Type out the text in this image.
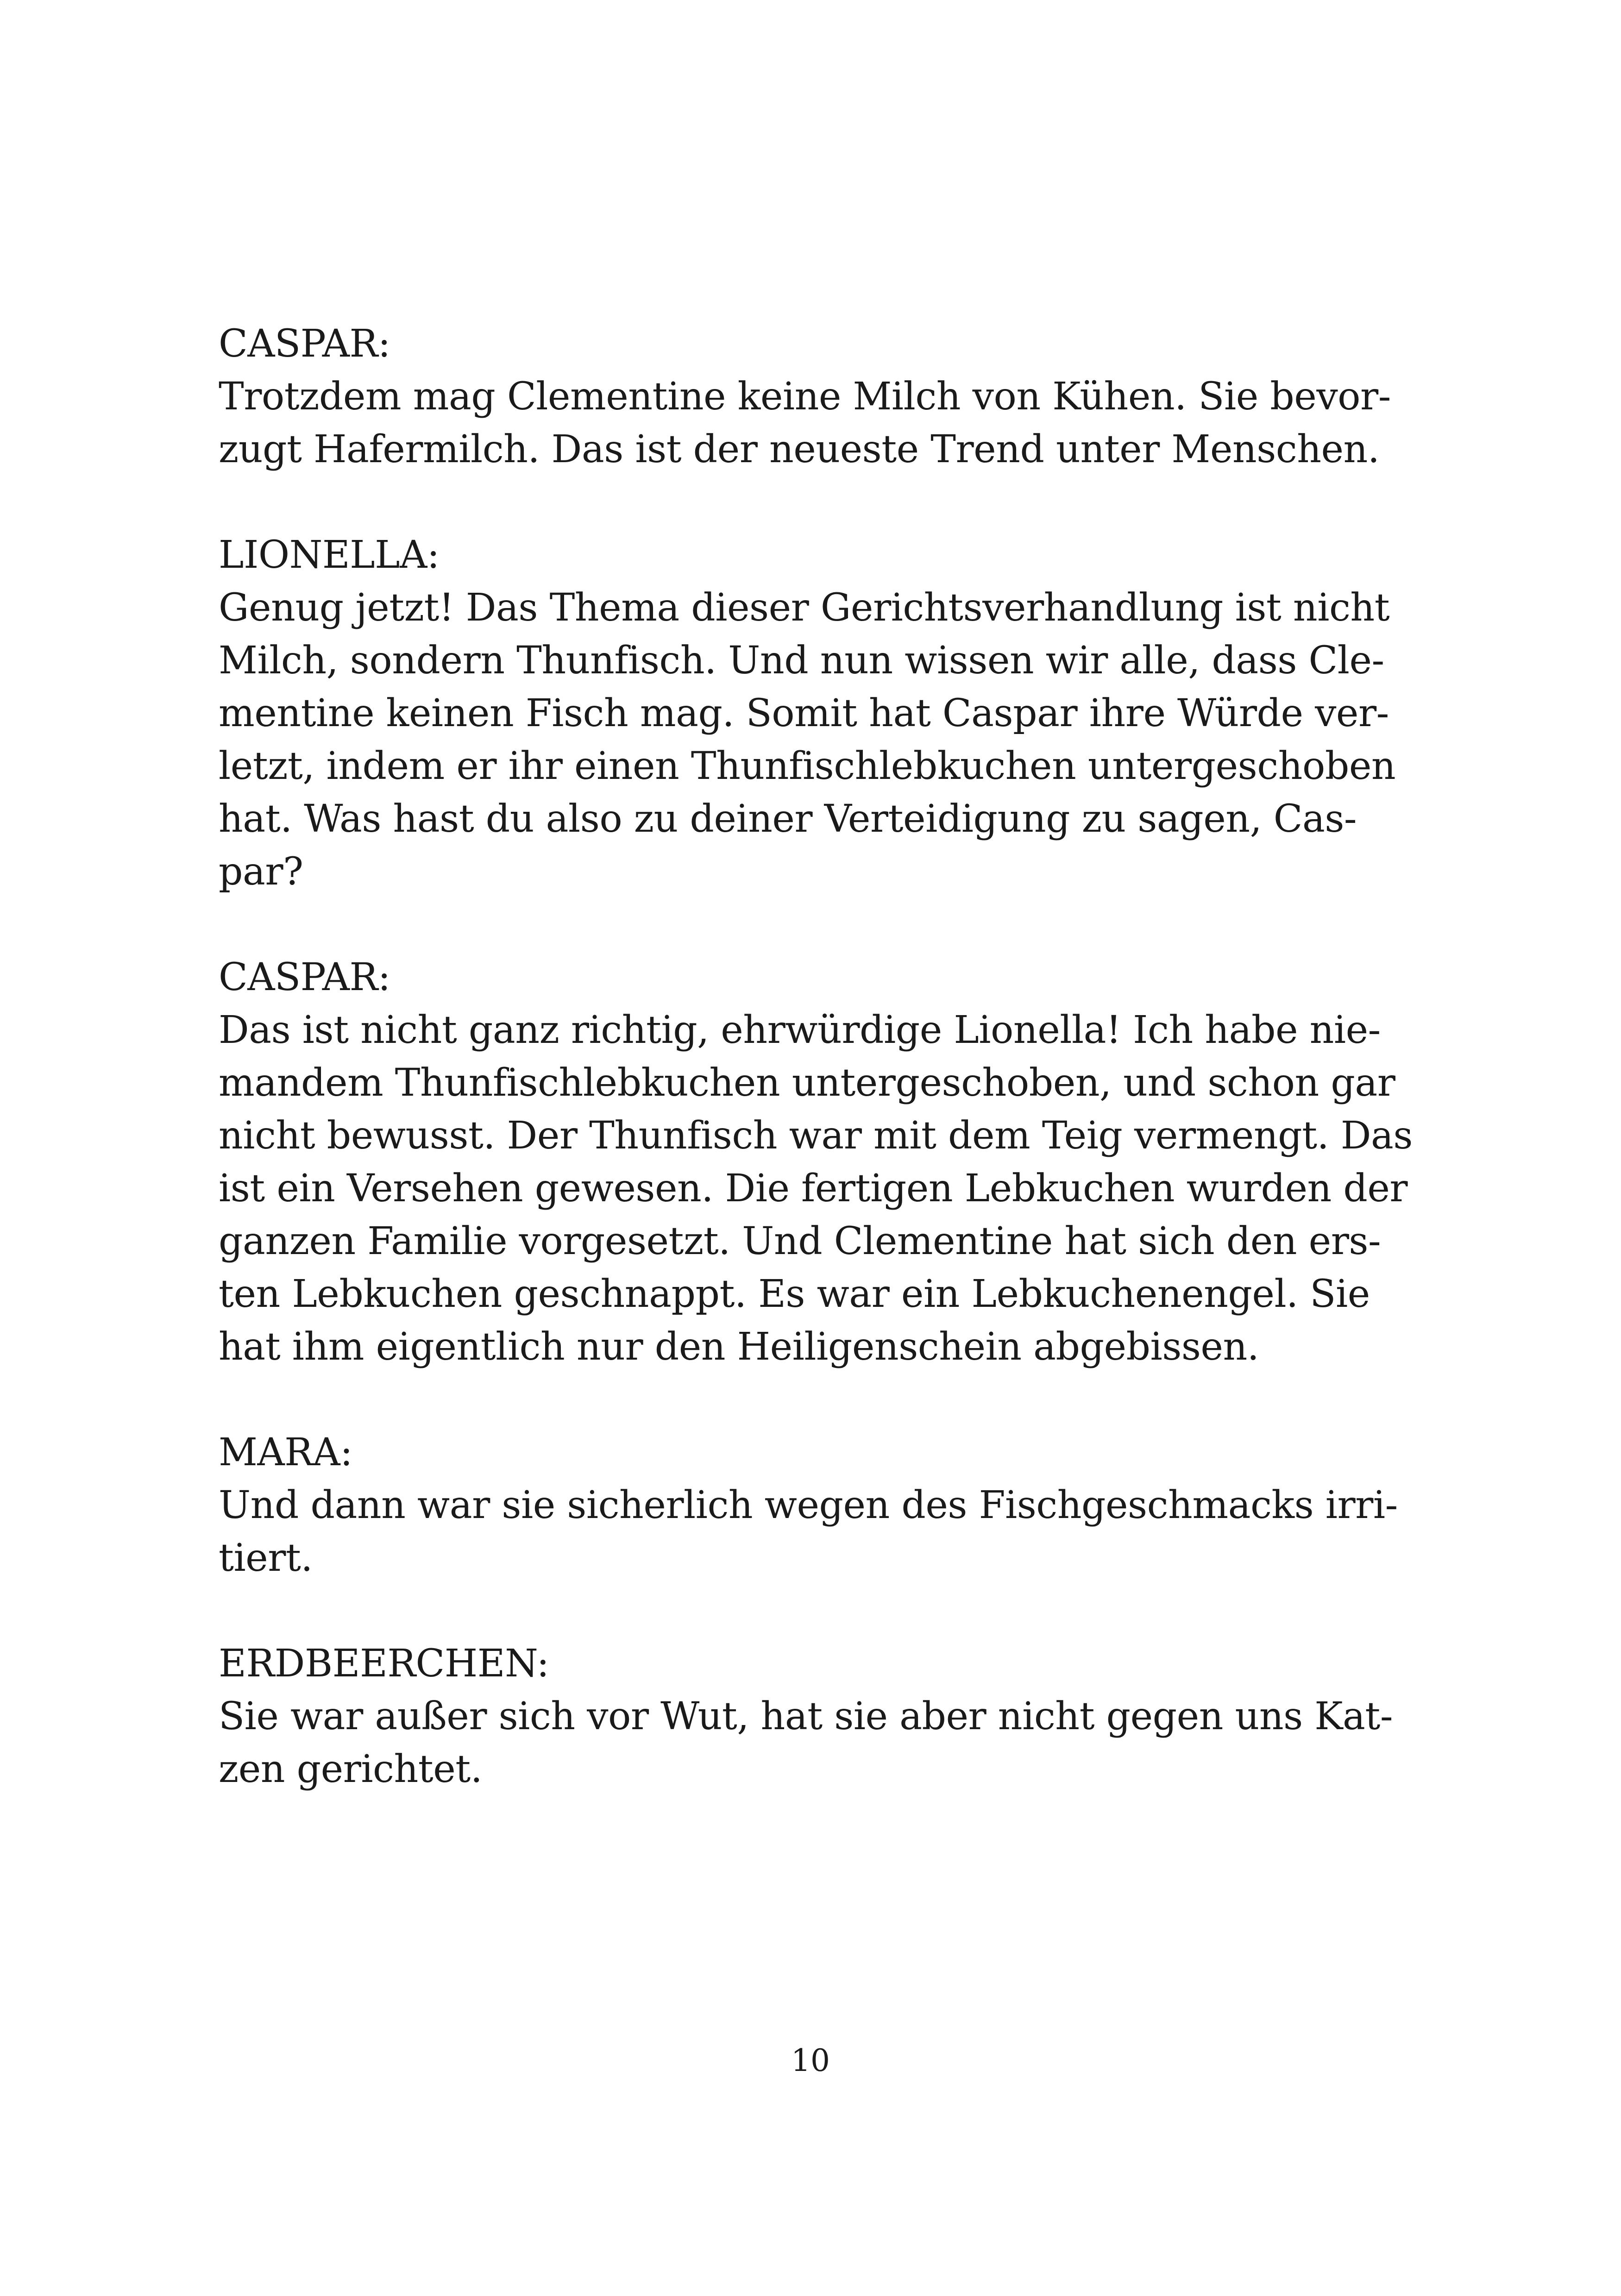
CASPAR:
Trotzdem mag Clementine keine Milch von Kühen. Sie bevor-
zugt Hafermilch. Das ist der neueste Trend unter Menschen.
LIONELLA:
Genug jetzt! Das Thema dieser Gerichtsverhandlung ist nicht
Milch, sondern Thunfisch. Und nun wissen wir alle, dass Cle-
mentine keinen Fisch mag. Somit hat Caspar ihre Würde ver-
letzt, indem er ihr einen Thunfischlebkuchen untergeschoben
hat. Was hast du also zu deiner Verteidigung zu sagen, Cas-
par?
CASPAR:
Das ist nicht ganz richtig, ehrwürdige Lionella! Ich habe nie-
mandem Thunfischlebkuchen untergeschoben, und schon gar
nicht bewusst. Der Thunfisch war mit dem Teig vermengt. Das
ist ein Versehen gewesen. Die fertigen Lebkuchen wurden der
ganzen Familie vorgesetzt. Und Clementine hat sich den ers-
ten Lebkuchen geschnappt. Es war ein Lebkuchenengel. Sie
hat ihm eigentlich nur den Heiligenschein abgebissen.
MARA:
Und dann war sie sicherlich wegen des Fischgeschmacks irri-
tiert.
ERDBEERCHEN:
Sie war außer sich vor Wut, hat sie aber nicht gegen uns Kat-
zen gerichtet.
10
